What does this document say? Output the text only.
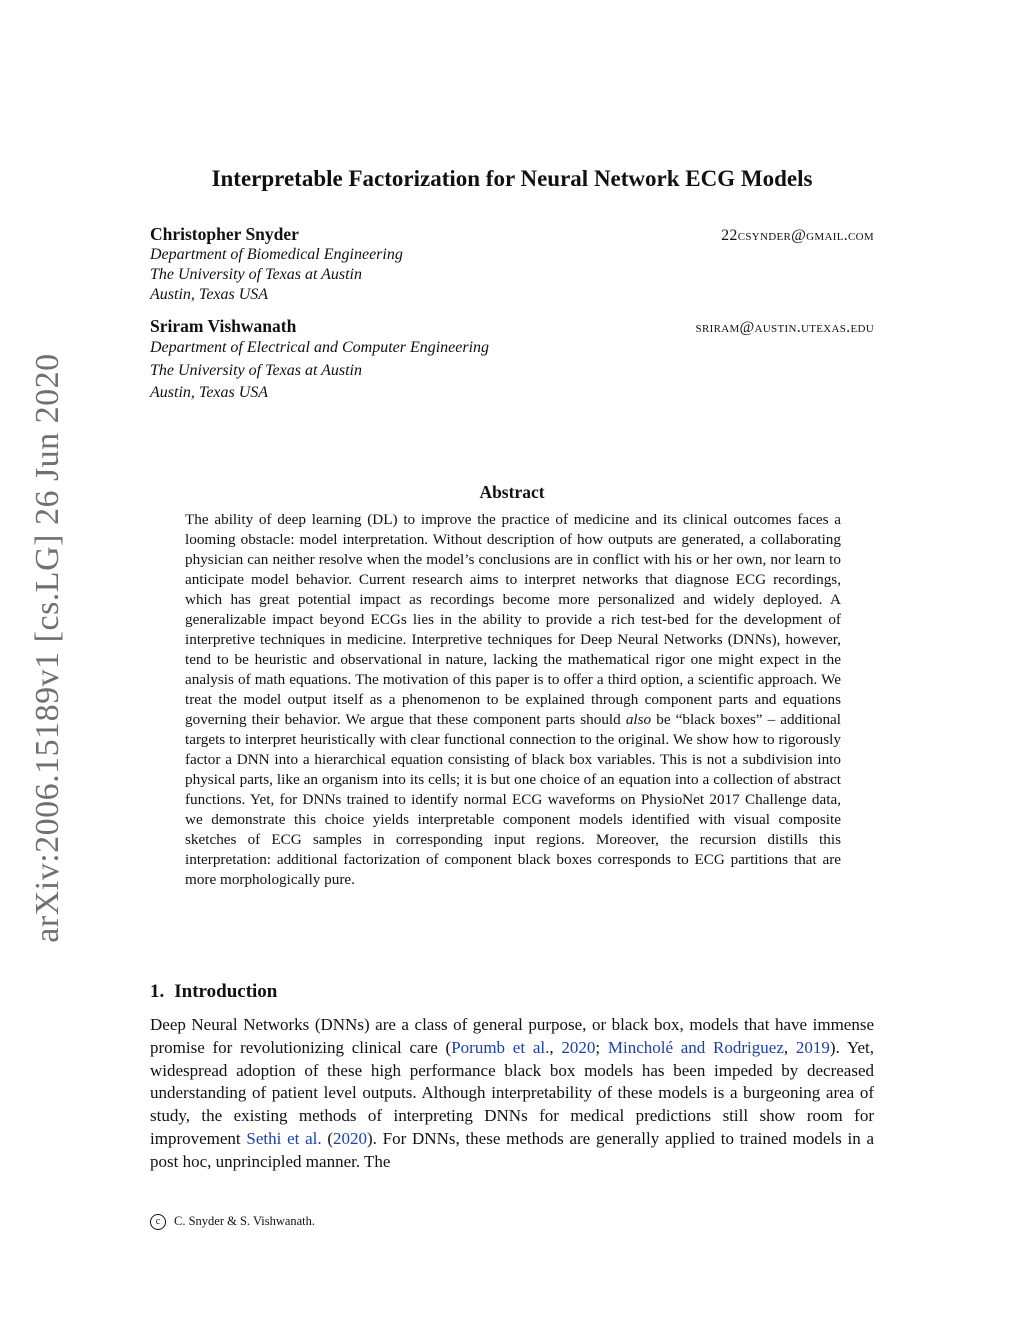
arXiv:2006.15189v1 [cs.LG] 26 Jun 2020
Interpretable Factorization for Neural Network ECG Models
Christopher Snyder	22csynder@gmail.com
Department of Biomedical Engineering
The University of Texas at Austin
Austin, Texas USA
Sriram Vishwanath	sriram@austin.utexas.edu
Department of Electrical and Computer Engineering
The University of Texas at Austin
Austin, Texas USA
Abstract
The ability of deep learning (DL) to improve the practice of medicine and its clinical outcomes faces a looming obstacle: model interpretation. Without description of how outputs are generated, a collaborating physician can neither resolve when the model’s conclusions are in conflict with his or her own, nor learn to anticipate model behavior. Current research aims to interpret networks that diagnose ECG recordings, which has great potential impact as recordings become more personalized and widely deployed. A generalizable impact beyond ECGs lies in the ability to provide a rich test-bed for the development of interpretive techniques in medicine. Interpretive techniques for Deep Neural Networks (DNNs), however, tend to be heuristic and observational in nature, lacking the mathematical rigor one might expect in the analysis of math equations. The motivation of this paper is to offer a third option, a scientific approach. We treat the model output itself as a phenomenon to be explained through component parts and equations governing their behavior. We argue that these component parts should also be “black boxes” – additional targets to interpret heuristically with clear functional connection to the original. We show how to rigorously factor a DNN into a hierarchical equation consisting of black box variables. This is not a subdivision into physical parts, like an organism into its cells; it is but one choice of an equation into a collection of abstract functions. Yet, for DNNs trained to identify normal ECG waveforms on PhysioNet 2017 Challenge data, we demonstrate this choice yields interpretable component models identified with visual composite sketches of ECG samples in corresponding input regions. Moreover, the recursion distills this interpretation: additional factorization of component black boxes corresponds to ECG partitions that are more morphologically pure.
1. Introduction
Deep Neural Networks (DNNs) are a class of general purpose, or black box, models that have immense promise for revolutionizing clinical care (Porumb et al., 2020; Mincholé and Rodriguez, 2019). Yet, widespread adoption of these high performance black box models has been impeded by decreased understanding of patient level outputs. Although interpretability of these models is a burgeoning area of study, the existing methods of interpreting DNNs for medical predictions still show room for improvement Sethi et al. (2020). For DNNs, these methods are generally applied to trained models in a post hoc, unprincipled manner. The
c C. Snyder & S. Vishwanath.
